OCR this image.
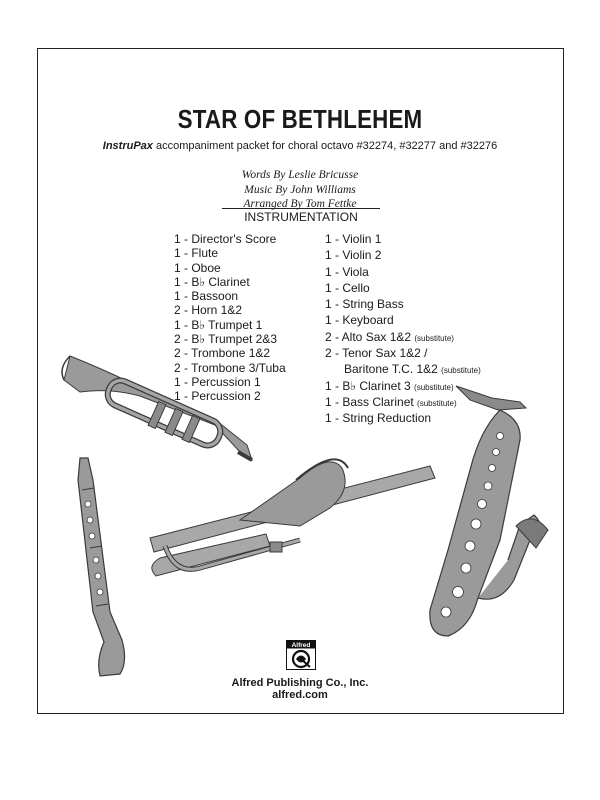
STAR OF BETHLEHEM
InstruPax accompaniment packet for choral octavo #32274, #32277 and #32276
Words By Leslie Bricusse
Music By John Williams
Arranged By Tom Fettke
INSTRUMENTATION
1 - Director's Score
1 - Flute
1 - Oboe
1 - B♭ Clarinet
1 - Bassoon
2 - Horn 1&2
1 - B♭ Trumpet 1
2 - B♭ Trumpet 2&3
2 - Trombone 1&2
2 - Trombone 3/Tuba
1 - Percussion 1
1 - Percussion 2
1 - Violin 1
1 - Violin 2
1 - Viola
1 - Cello
1 - String Bass
1 - Keyboard
2 - Alto Sax 1&2 (substitute)
2 - Tenor Sax 1&2 /
Baritone T.C. 1&2 (substitute)
1 - B♭ Clarinet 3 (substitute)
1 - Bass Clarinet (substitute)
1 - String Reduction
Alfred
Alfred Publishing Co., Inc.
alfred.com
